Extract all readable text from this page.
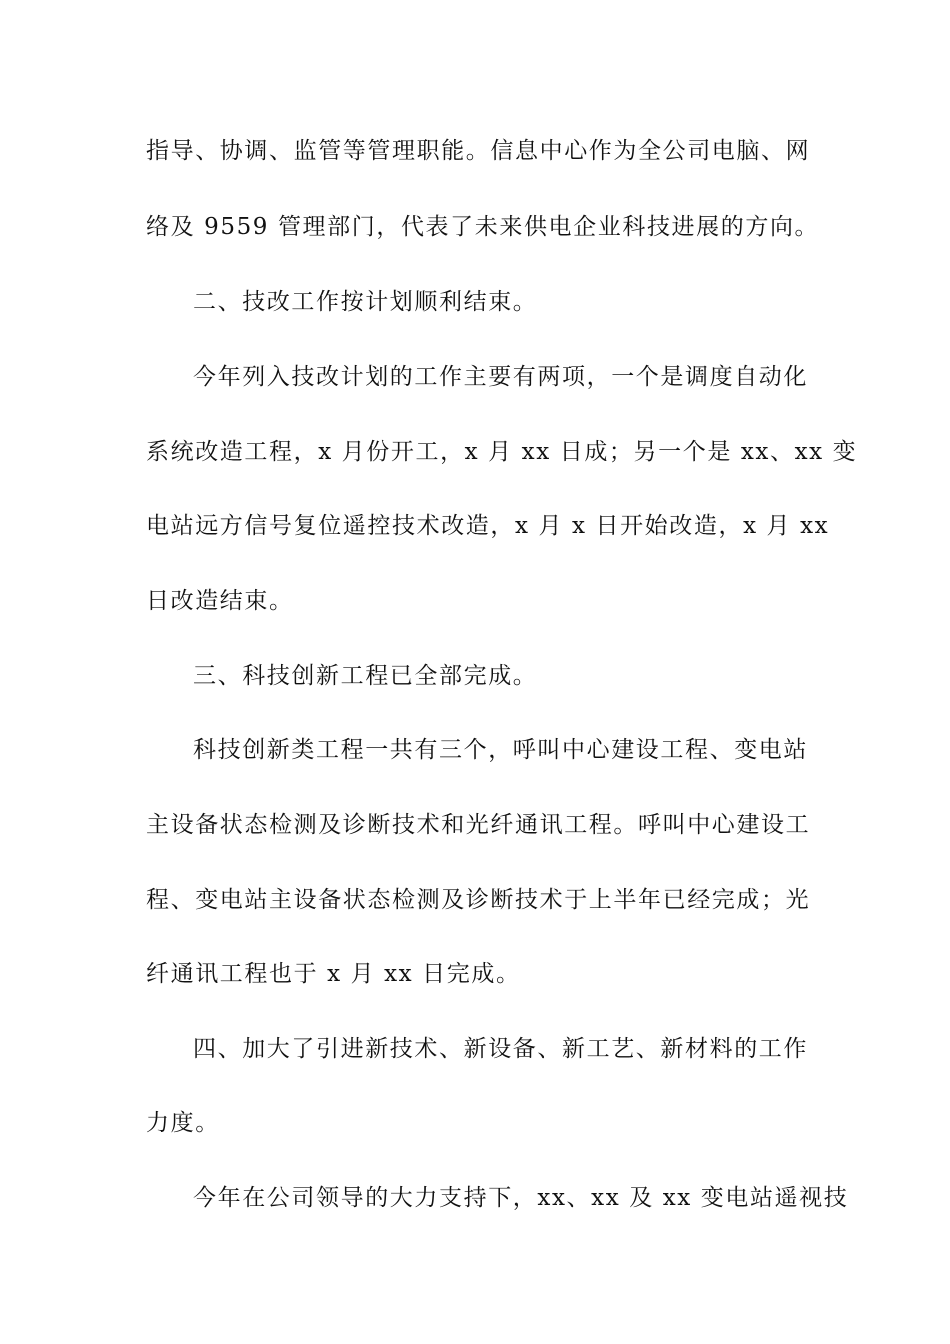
指导、协调、监管等管理职能。信息中心作为全公司电脑、网
络及 9559 管理部门，代表了未来供电企业科技进展的方向。
二、技改工作按计划顺利结束。
今年列入技改计划的工作主要有两项，一个是调度自动化
系统改造工程，x 月份开工，x 月 xx 日成；另一个是 xx、xx 变
电站远方信号复位遥控技术改造，x 月 x 日开始改造，x 月 xx
日改造结束。
三、科技创新工程已全部完成。
科技创新类工程一共有三个，呼叫中心建设工程、变电站
主设备状态检测及诊断技术和光纤通讯工程。呼叫中心建设工
程、变电站主设备状态检测及诊断技术于上半年已经完成；光
纤通讯工程也于 x 月 xx 日完成。
四、加大了引进新技术、新设备、新工艺、新材料的工作
力度。
今年在公司领导的大力支持下，xx、xx 及 xx 变电站遥视技
